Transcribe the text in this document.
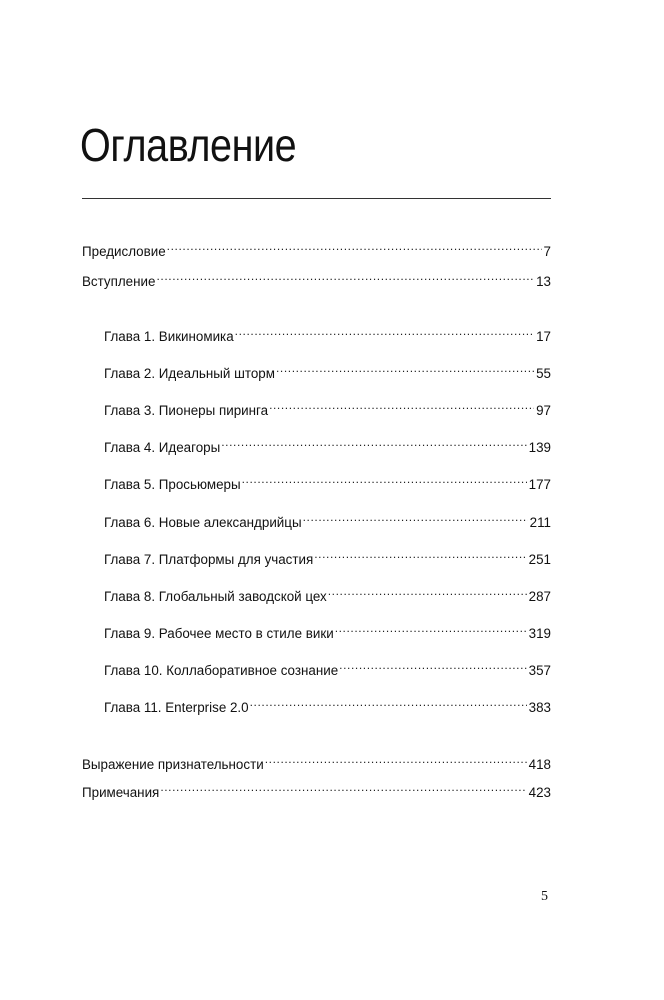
Оглавление
Предисловие .....	7
Вступление .....	13
Глава 1. Викиномика .....	17
Глава 2. Идеальный шторм .....	55
Глава 3. Пионеры пиринга .....	97
Глава 4. Идеагоры .....	139
Глава 5. Просьюмеры .....	177
Глава 6. Новые александрийцы .....	211
Глава 7. Платформы для участия .....	251
Глава 8. Глобальный заводской цех .....	287
Глава 9. Рабочее место в стиле вики .....	319
Глава 10. Коллаборативное сознание .....	357
Глава 11. Enterprise 2.0 .....	383
Выражение признательности .....	418
Примечания .....	423
5
